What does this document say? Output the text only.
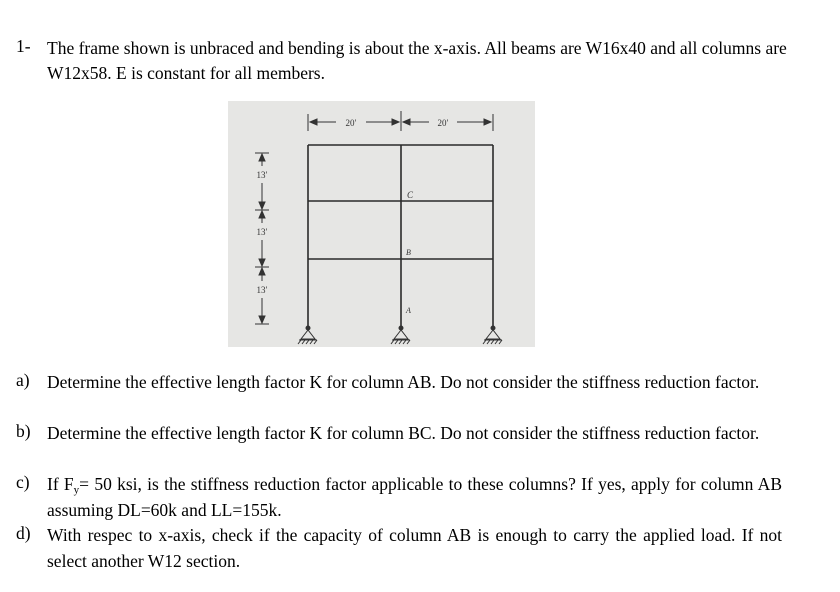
1- The frame shown is unbraced and bending is about the x-axis. All beams are W16x40 and all columns are W12x58. E is constant for all members.
20′	20′
13′
13′
13′
C
B
A
a) Determine the effective length factor K for column AB. Do not consider the stiffness reduction factor.
b) Determine the effective length factor K for column BC. Do not consider the stiffness reduction factor.
c) If $F_y= 50$ ksi, is the stiffness reduction factor applicable to these columns? If yes, apply for column AB assuming DL=60k and LL=155k.
d) With respec to x-axis, check if the capacity of column AB is enough to carry the applied load. If not select another W12 section.
